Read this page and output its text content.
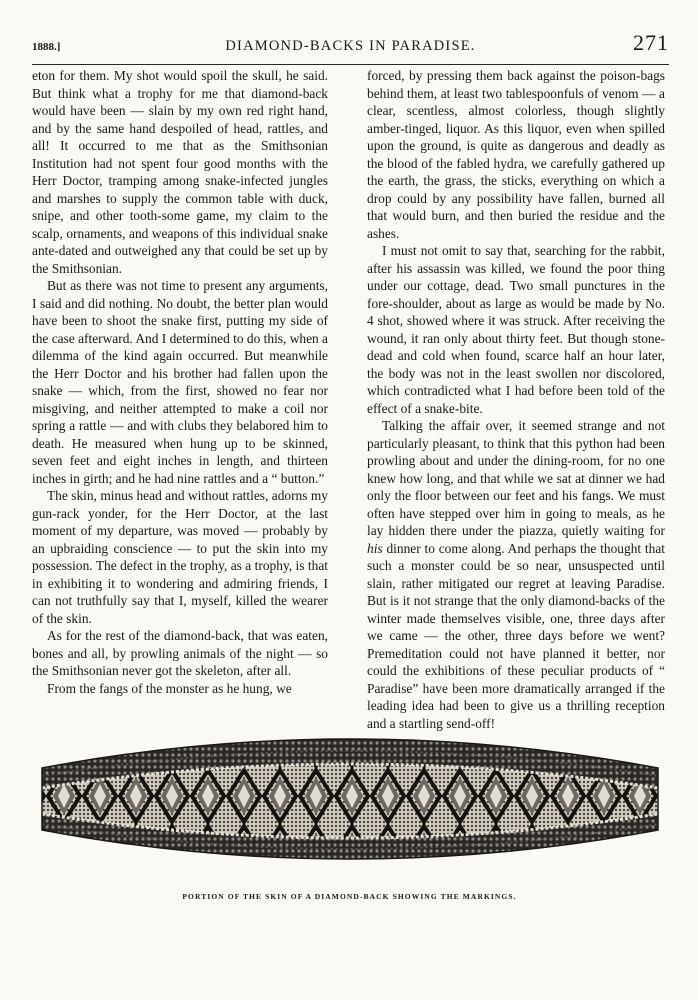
1888.]	DIAMOND-BACKS IN PARADISE.	271

eton for them. My shot would spoil the skull, he said. But think what a trophy for me that diamond-back would have been — slain by my own red right hand, and by the same hand despoiled of head, rattles, and all! It occurred to me that as the Smithsonian Institution had not spent four good months with the Herr Doctor, tramping among snake-infected jungles and marshes to supply the common table with duck, snipe, and other tooth-some game, my claim to the scalp, ornaments, and weapons of this individual snake ante-dated and outweighed any that could be set up by the Smithsonian.

But as there was not time to present any arguments, I said and did nothing. No doubt, the better plan would have been to shoot the snake first, putting my side of the case afterward. And I determined to do this, when a dilemma of the kind again occurred. But meanwhile the Herr Doctor and his brother had fallen upon the snake — which, from the first, showed no fear nor misgiving, and neither attempted to make a coil nor spring a rattle — and with clubs they belabored him to death. He measured when hung up to be skinned, seven feet and eight inches in length, and thirteen inches in girth; and he had nine rattles and a “ button.”

The skin, minus head and without rattles, adorns my gun-rack yonder, for the Herr Doctor, at the last moment of my departure, was moved — probably by an upbraiding conscience — to put the skin into my possession. The defect in the trophy, as a trophy, is that in exhibiting it to wondering and admiring friends, I can not truthfully say that I, myself, killed the wearer of the skin.

As for the rest of the diamond-back, that was eaten, bones and all, by prowling animals of the night — so the Smithsonian never got the skeleton, after all.

From the fangs of the monster as he hung, we

forced, by pressing them back against the poison-bags behind them, at least two tablespoonfuls of venom — a clear, scentless, almost colorless, though slightly amber-tinged, liquor. As this liquor, even when spilled upon the ground, is quite as dangerous and deadly as the blood of the fabled hydra, we carefully gathered up the earth, the grass, the sticks, everything on which a drop could by any possibility have fallen, burned all that would burn, and then buried the residue and the ashes.

I must not omit to say that, searching for the rabbit, after his assassin was killed, we found the poor thing under our cottage, dead. Two small punctures in the fore-shoulder, about as large as would be made by No. 4 shot, showed where it was struck. After receiving the wound, it ran only about thirty feet. But though stone-dead and cold when found, scarce half an hour later, the body was not in the least swollen nor discolored, which contradicted what I had before been told of the effect of a snake-bite.

Talking the affair over, it seemed strange and not particularly pleasant, to think that this python had been prowling about and under the dining-room, for no one knew how long, and that while we sat at dinner we had only the floor between our feet and his fangs. We must often have stepped over him in going to meals, as he lay hidden there under the piazza, quietly waiting for his dinner to come along. And perhaps the thought that such a monster could be so near, unsuspected until slain, rather mitigated our regret at leaving Paradise. But is it not strange that the only diamond-backs of the winter made themselves visible, one, three days after we came — the other, three days before we went? Premeditation could not have planned it better, nor could the exhibitions of these peculiar products of “ Paradise” have been more dramatically arranged if the leading idea had been to give us a thrilling reception and a startling send-off!

PORTION OF THE SKIN OF A DIAMOND-BACK SHOWING THE MARKINGS.
